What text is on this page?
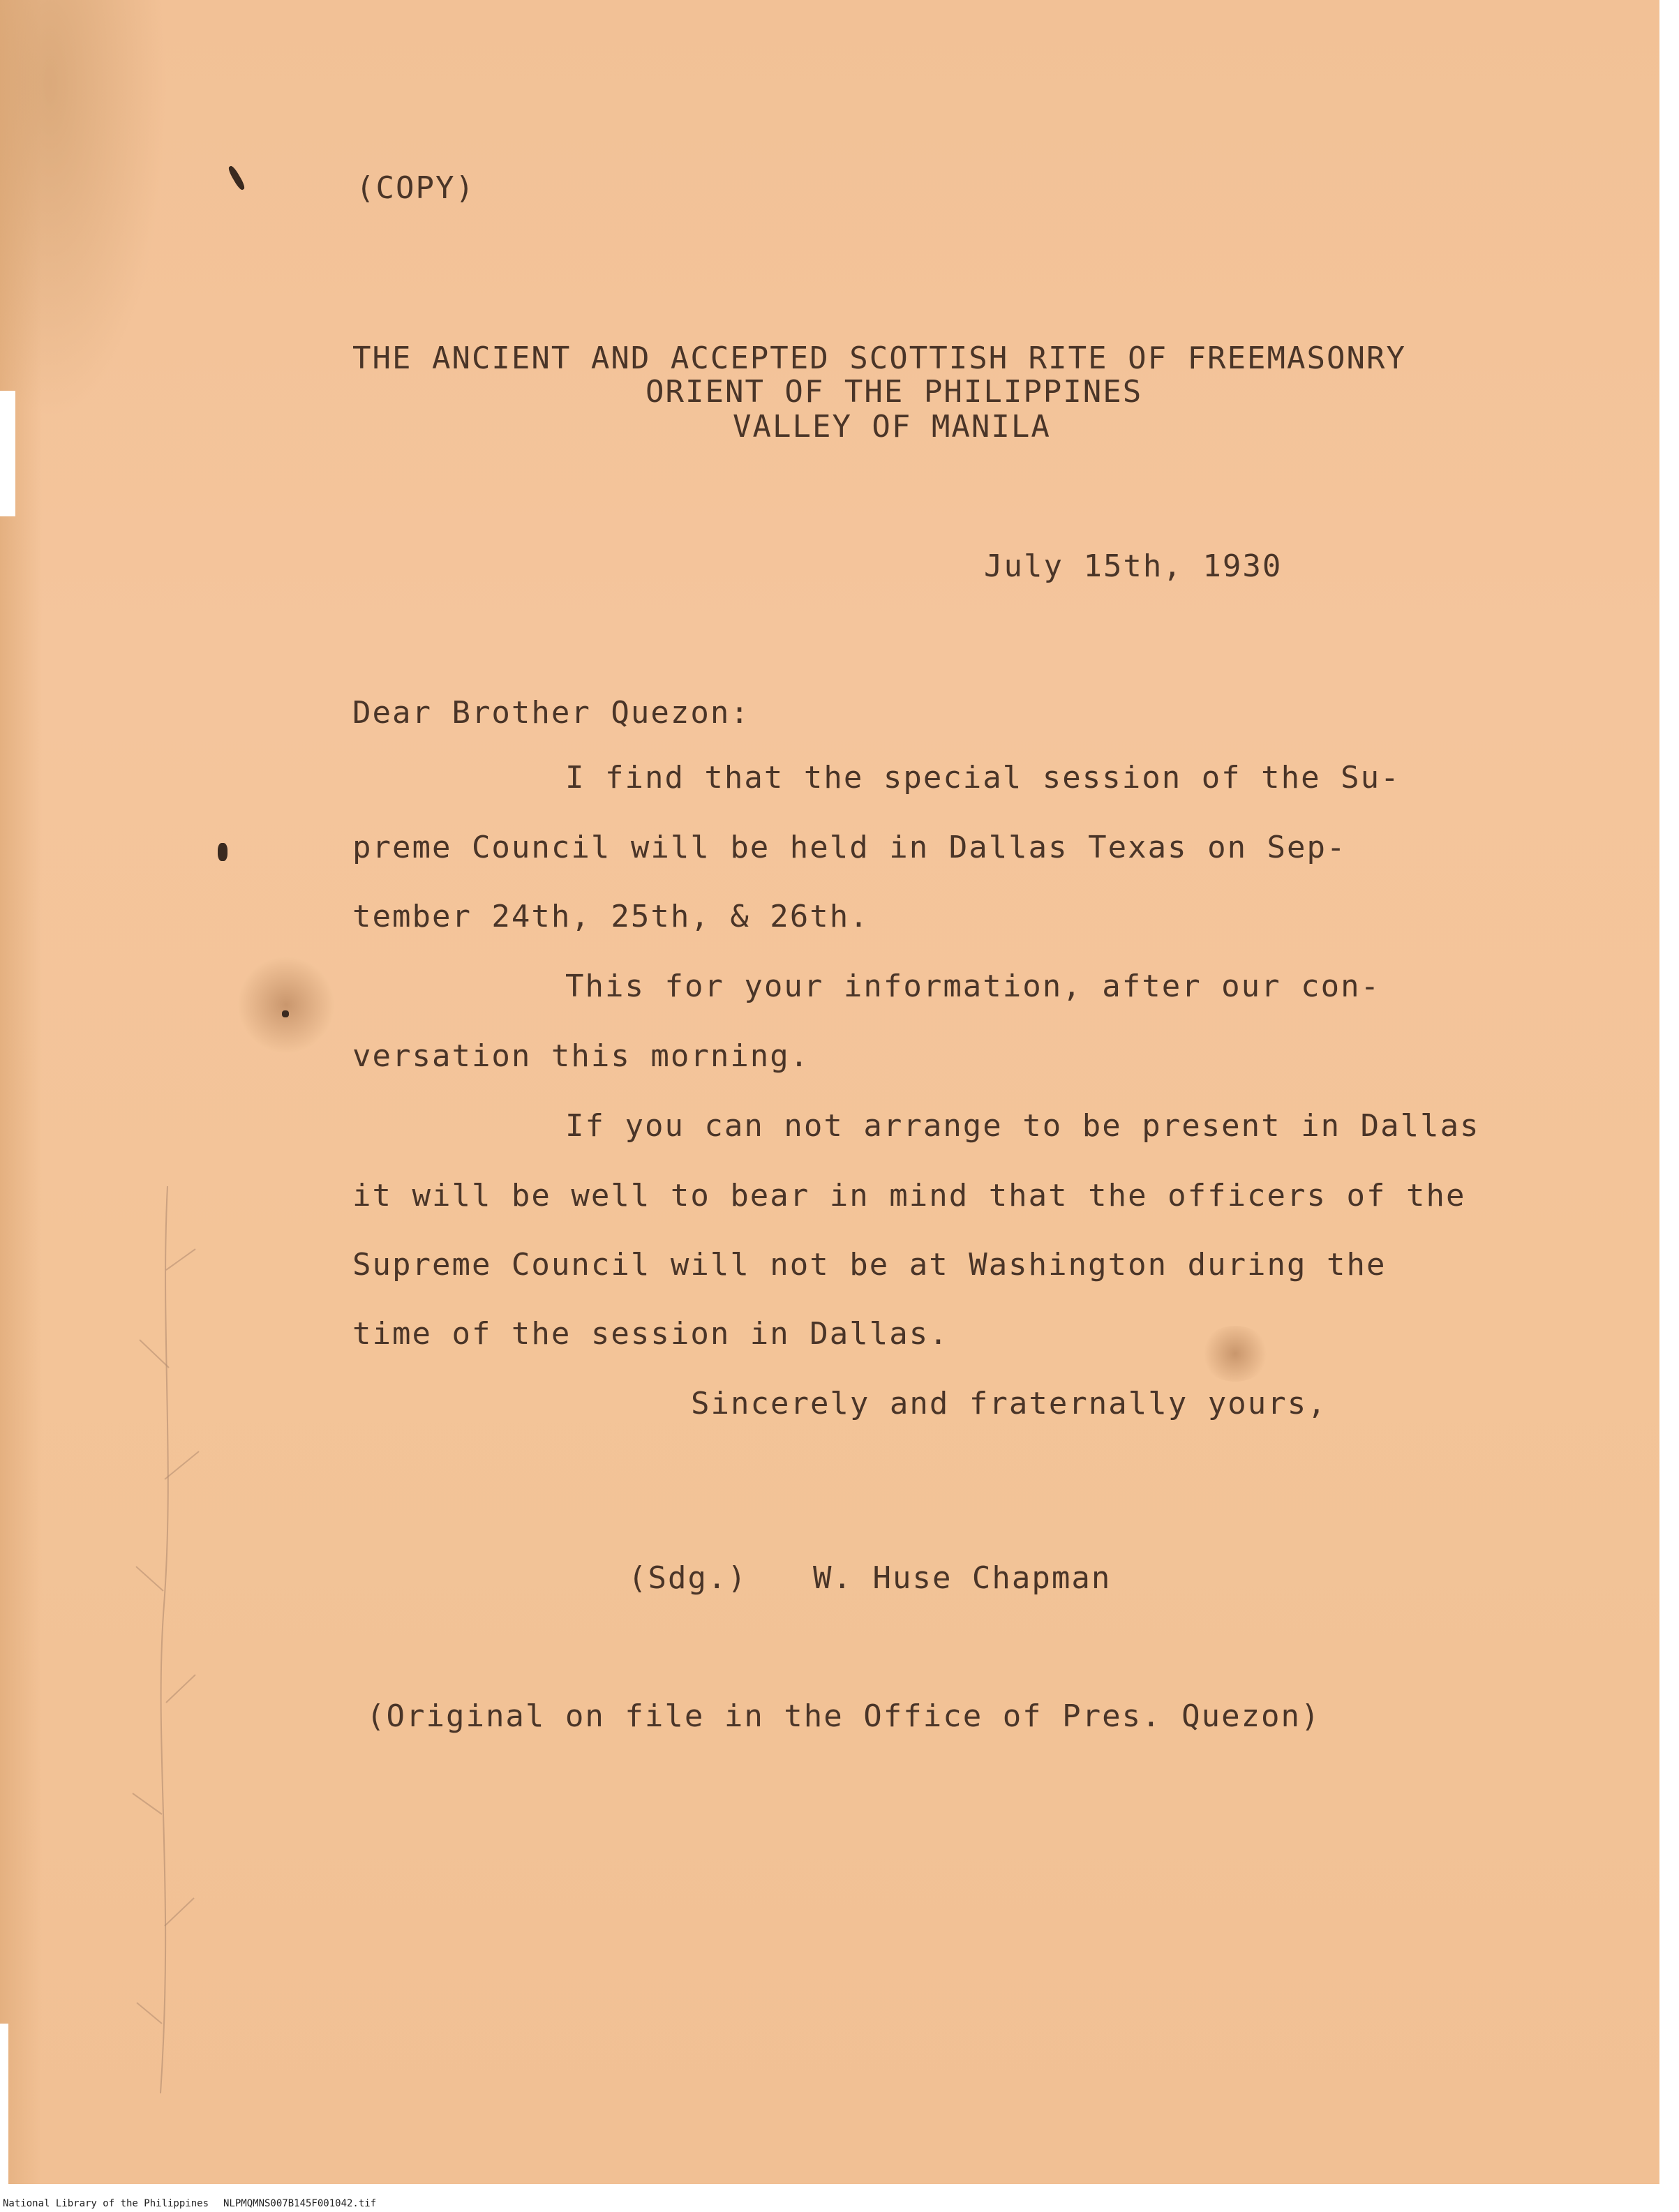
(COPY)
THE ANCIENT AND ACCEPTED SCOTTISH RITE OF FREEMASONRY
ORIENT OF THE PHILIPPINES
VALLEY OF MANILA
July 15th, 1930
Dear Brother Quezon:
I find that the special session of the Su-
preme Council will be held in Dallas Texas on Sep-
tember 24th, 25th, & 26th.
This for your information, after our con-
versation this morning.
If you can not arrange to be present in Dallas
it will be well to bear in mind that the officers of the
Supreme Council will not be at Washington during the
time of the session in Dallas.
Sincerely and fraternally yours,
(Sdg.) W. Huse Chapman
(Original on file in the Office of Pres. Quezon)
National Library of the Philippines NLPMQMNS007B145F001042.tif
